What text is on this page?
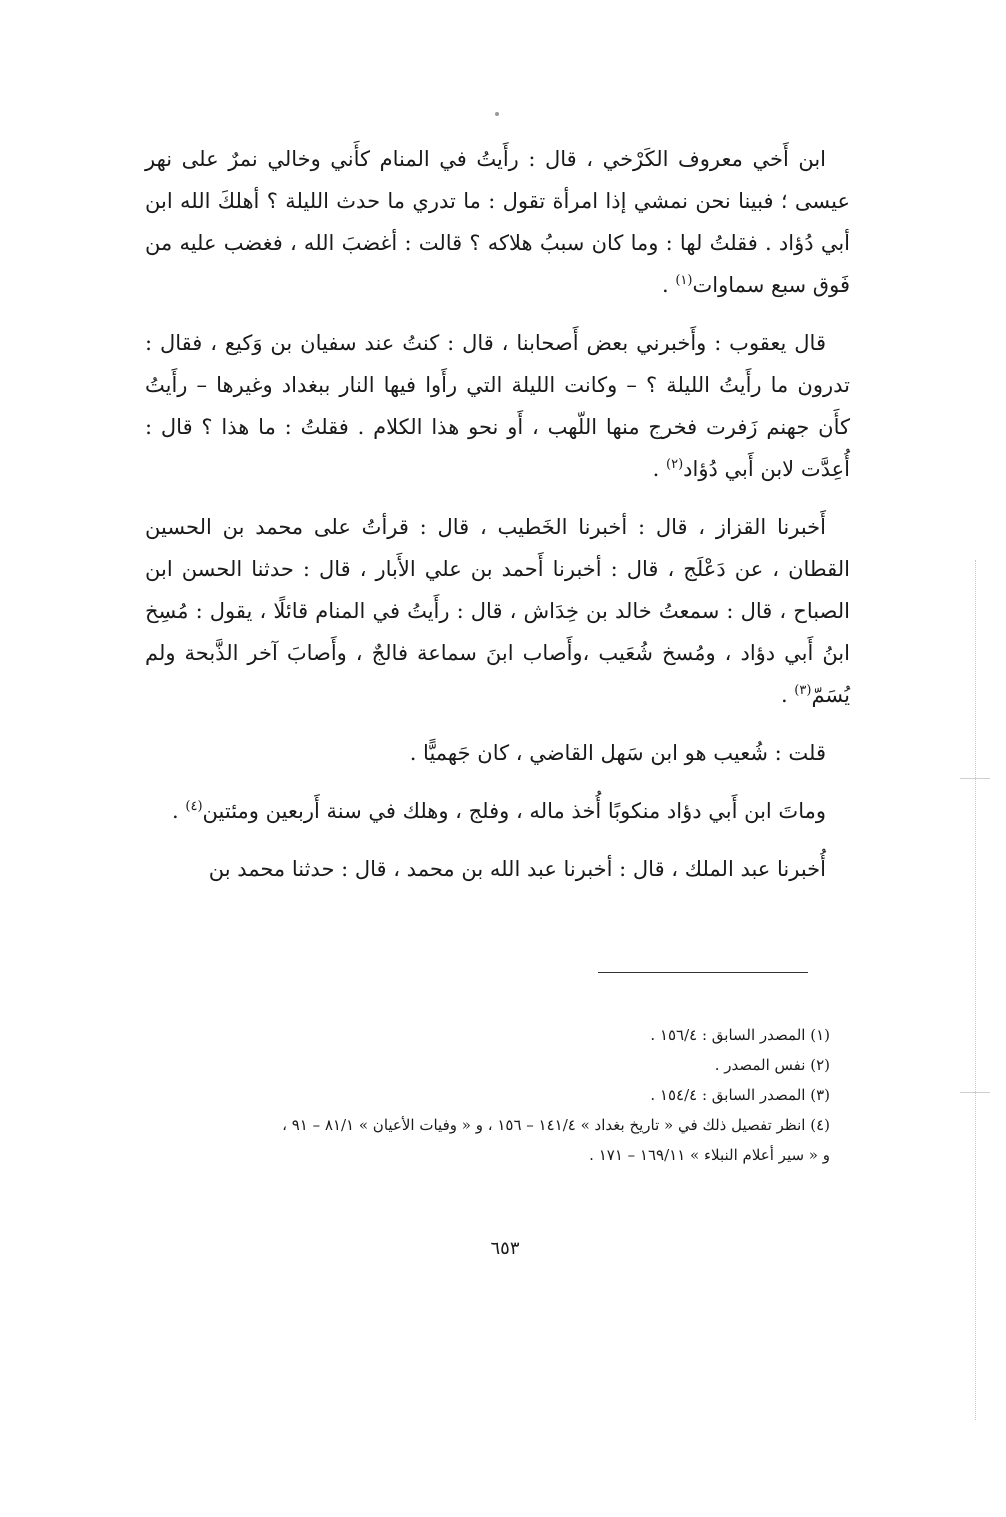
ابن أَخي معروف الكَرْخي ، قال : رأَيتُ في المنام كأَني وخالي نمرٌ على نهر عيسى ؛ فبينا نحن نمشي إذا امرأة تقول : ما تدري ما حدث الليلة ؟ أهلكَ الله ابن أبي دُؤاد . فقلتُ لها : وما كان سببُ هلاكه ؟ قالت : أغضبَ الله ، فغضب عليه من فَوق سبع سماوات$^{(١)}$ .

قال يعقوب : وأَخبرني بعض أَصحابنا ، قال : كنتُ عند سفيان بن وَكيع ، فقال : تدرون ما رأَيتُ الليلة ؟ – وكانت الليلة التي رأَوا فيها النار ببغداد وغيرها – رأَيتُ كأَن جهنم زَفرت فخرج منها اللّهب ، أَو نحو هذا الكلام . فقلتُ : ما هذا ؟ قال : أُعِدَّت لابن أَبي دُؤاد$^{(٢)}$ .

أَخبرنا القزاز ، قال : أخبرنا الخَطيب ، قال : قرأتُ على محمد بن الحسين القطان ، عن دَعْلَج ، قال : أخبرنا أَحمد بن علي الأَبار ، قال : حدثنا الحسن ابن الصباح ، قال : سمعتُ خالد بن خِدَاش ، قال : رأَيتُ في المنام قائلًا ، يقول : مُسِخ ابنُ أَبي دؤاد ، ومُسخ شُعَيب ،وأَصاب ابنَ سماعة فالجٌ ، وأَصابَ آخر الذَّبحة ولم يُسَمّ$^{(٣)}$ .

قلت : شُعيب هو ابن سَهل القاضي ، كان جَهميًّا .

وماتَ ابن أَبي دؤاد منكوبًا أُخذ ماله ، وفلج ، وهلك في سنة أَربعين ومئتين$^{(٤)}$ .

أُخبرنا عبد الملك ، قال : أخبرنا عبد الله بن محمد ، قال : حدثنا محمد بن

(١) المصدر السابق : ١٥٦/٤ .

(٢) نفس المصدر .

(٣) المصدر السابق : ١٥٤/٤ .

(٤) انظر تفصيل ذلك في « تاريخ بغداد » ١٤١/٤ – ١٥٦ ، و « وفيات الأعيان » ٨١/١ – ٩١ ،

و « سير أعلام النبلاء » ١٦٩/١١ – ١٧١ .

٦٥٣
